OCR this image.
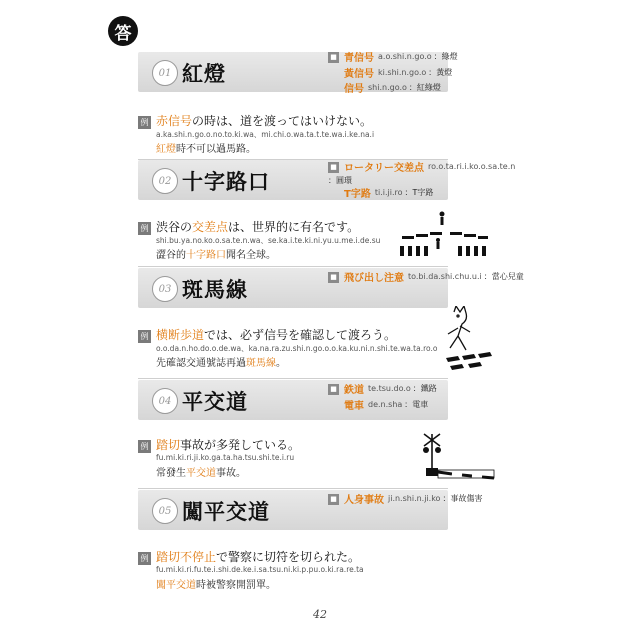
答
01 紅燈
■ 青信号 a.o.shi.n.go.o ：綠燈
黃信号 ki.shi.n.go.o ：黃燈
信号 shi.n.go.o ：紅綠燈
例 赤信号の時は、道を渡ってはいけない。
a.ka.shi.n.go.o.no.to.ki.wa、mi.chi.o.wa.ta.t.te.wa.i.ke.na.i
紅燈時不可以過馬路。
02 十字路口
■ ロータリー交差点 ro.o.ta.ri.i.ko.o.sa.te.n
：圓環
T字路 ti.i.ji.ro ：T字路
例 渋谷の交差点は、世界的に有名です。
shi.bu.ya.no.ko.o.sa.te.n.wa、se.ka.i.te.ki.ni.yu.u.me.i.de.su
澀谷的十字路口聞名全球。
03 斑馬線
■ 飛び出し注意 to.bi.da.shi.chu.u.i ：當心兒童
例 横断歩道では、必ず信号を確認して渡ろう。
o.o.da.n.ho.do.o.de.wa、ka.na.ra.zu.shi.n.go.o.o.ka.ku.ni.n.shi.te.wa.ta.ro.o
先確認交通號誌再過斑馬線。
04 平交道
■ 鉄道 te.tsu.do.o ：鐵路
電車 de.n.sha ：電車
例 踏切事故が多発している。
fu.mi.ki.ri.ji.ko.ga.ta.ha.tsu.shi.te.i.ru
常發生平交道事故。
05 闖平交道
■ 人身事故 ji.n.shi.n.ji.ko ：事故傷害
例 踏切不停止で警察に切符を切られた。
fu.mi.ki.ri.fu.te.i.shi.de.ke.i.sa.tsu.ni.ki.p.pu.o.ki.ra.re.ta
闖平交道時被警察開罰單。
42
